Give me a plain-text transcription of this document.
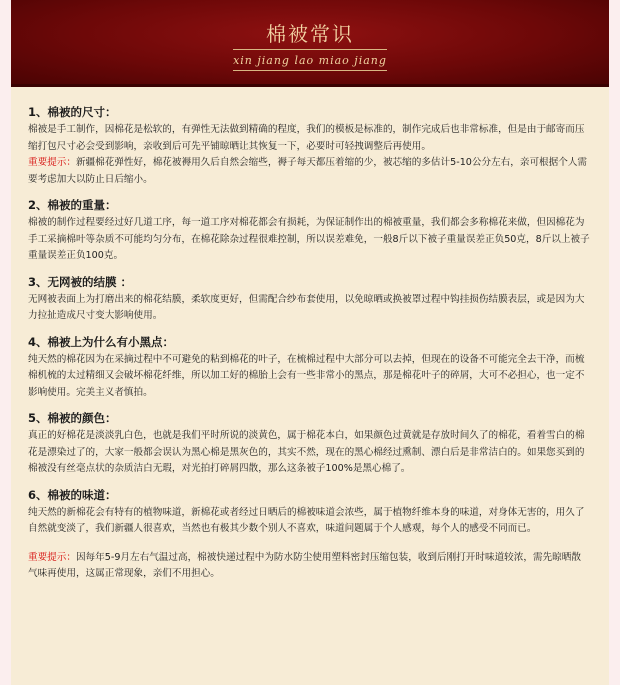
棉被常识
xin jiang lao miao jiang
1、棉被的尺寸：

棉被是手工制作，因棉花是松软的，有弹性无法做到精确的程度，我们的模板是标准的，制作完成后也非常标准，但是由于邮寄而压缩打包尺寸必会受到影响，亲收到后可先平铺晾晒让其恢复一下，必要时可轻拽调整后再使用。

重要提示：新疆棉花弹性好，棉花被褥用久后自然会缩些，褥子每天都压着缩的少，被芯缩的多估计5-10公分左右，亲可根据个人需要考虑加大以防止日后缩小。

2、棉被的重量：

棉被的制作过程要经过好几道工序，每一道工序对棉花都会有损耗，为保证制作出的棉被重量，我们都会多称棉花来做，但因棉花为手工采摘棉叶等杂质不可能均匀分布，在棉花除杂过程很难控制，所以误差难免，一般8斤以下被子重量误差正负50克，8斤以上被子重量误差正负100克。

3、无网被的结膜 ：

无网被表面上为打磨出来的棉花结膜，柔软度更好，但需配合纱布套使用，以免晾晒或换被罩过程中钩挂损伤结膜表层，或是因为大力拉扯造成尺寸变大影响使用。

4、棉被上为什么有小黑点：

纯天然的棉花因为在采摘过程中不可避免的粘到棉花的叶子，在梳棉过程中大部分可以去掉，但现在的设备不可能完全去干净，而梳棉机梳的太过精细又会破坏棉花纤维，所以加工好的棉胎上会有一些非常小的黑点，那是棉花叶子的碎屑，大可不必担心，也一定不影响使用。完美主义者慎拍。

5、棉被的颜色：

真正的好棉花是淡淡乳白色，也就是我们平时所说的淡黄色，属于棉花本白，如果颜色过黄就是存放时间久了的棉花，看着雪白的棉花是漂染过了的，大家一般都会误认为黑心棉是黑灰色的，其实不然，现在的黑心棉经过熏制、漂白后是非常洁白的。如果您买到的棉被没有丝毫点状的杂质洁白无瑕，对光拍打碎屑四散，那么这条被子100%是黑心棉了。

6、棉被的味道：

纯天然的新棉花会有特有的植物味道，新棉花或者经过日晒后的棉被味道会浓些，属于植物纤维本身的味道，对身体无害的，用久了自然就变淡了，我们新疆人很喜欢，当然也有极其少数个别人不喜欢，味道问题属于个人感观，每个人的感受不同而已。

重要提示：因每年5-9月左右气温过高，棉被快递过程中为防水防尘使用塑料密封压缩包装，收到后刚打开时味道较浓，需先晾晒散气味再使用，这属正常现象，亲们不用担心。
